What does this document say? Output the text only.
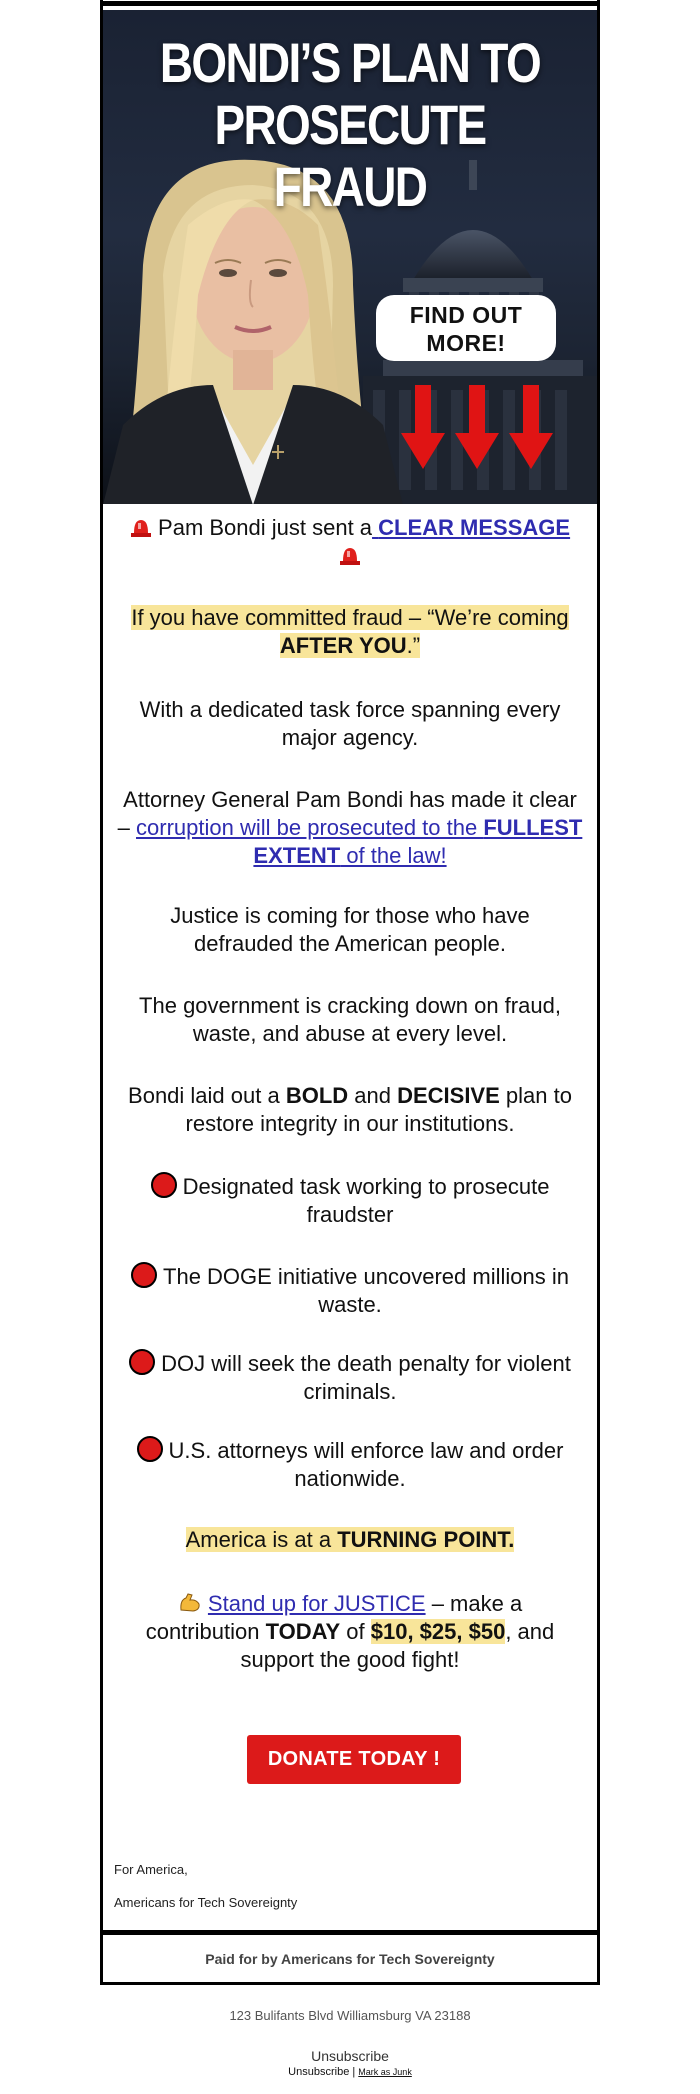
BONDI’S PLAN TO
PROSECUTE FRAUD
FIND OUT
MORE!
Pam Bondi just sent a CLEAR MESSAGE

If you have committed fraud – “We’re coming AFTER YOU.”
With a dedicated task force spanning every major agency.
Attorney General Pam Bondi has made it clear – corruption will be prosecuted to the FULLEST EXTENT of the law!
Justice is coming for those who have defrauded the American people.
The government is cracking down on fraud, waste, and abuse at every level.
Bondi laid out a BOLD and DECISIVE plan to restore integrity in our institutions.
Designated task working to prosecute fraudster
The DOGE initiative uncovered millions in waste.
DOJ will seek the death penalty for violent criminals.
U.S. attorneys will enforce law and order nationwide.
America is at a TURNING POINT.
Stand up for JUSTICE – make a contribution TODAY of $10, $25, $50, and support the good fight!
DONATE TODAY !
For America,
Americans for Tech Sovereignty
Paid for by Americans for Tech Sovereignty
123 Bulifants Blvd Williamsburg VA 23188
Unsubscribe
Unsubscribe | Mark as Junk
